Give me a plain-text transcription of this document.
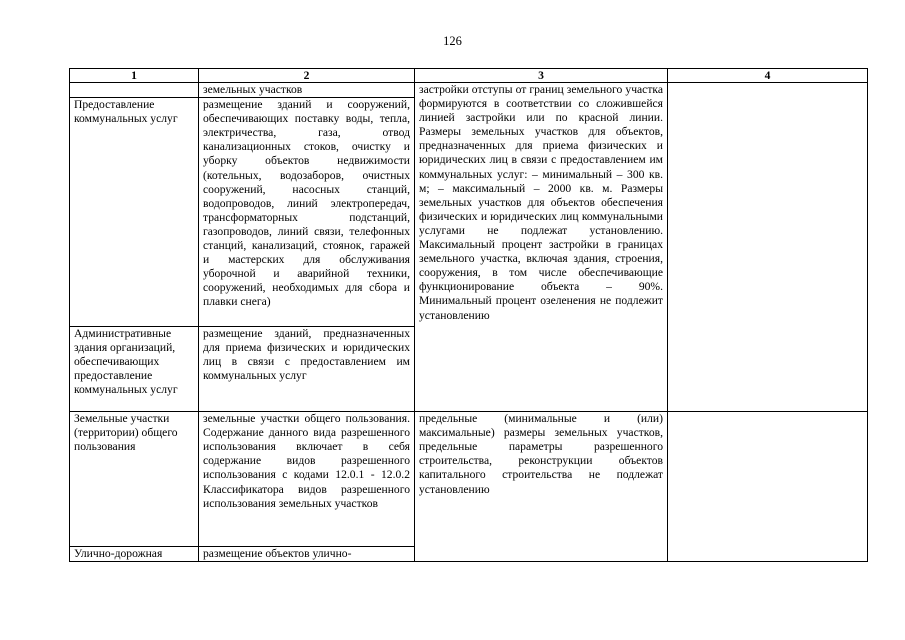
126
1	2	3	4
	земельных участков	застройки отступы от границ земельного участка формируются в соответствии со сложившейся линией застройки или по красной линии. Размеры земельных участков для объектов, предназначенных для приема физических и юридических лиц в связи с предоставлением им коммунальных услуг: – минимальный – 300 кв. м; – максимальный – 2000 кв. м. Размеры земельных участков для объектов обеспечения физических и юридических лиц коммунальными услугами не подлежат установлению. Максимальный процент застройки в границах земельного участка, включая здания, строения, сооружения, в том числе обеспечивающие функционирование объекта – 90%. Минимальный процент озеленения не подлежит установлению	

Предоставление коммунальных услуг	размещение зданий и сооружений, обеспечивающих поставку воды, тепла, электричества, газа, отвод канализационных стоков, очистку и уборку объектов недвижимости (котельных, водозаборов, очистных сооружений, насосных станций, водопроводов, линий электропередач, трансформаторных подстанций, газопроводов, линий связи, телефонных станций, канализаций, стоянок, гаражей и мастерских для обслуживания уборочной и аварийной техники, сооружений, необходимых для сбора и плавки снега)		
Административные здания организаций, обеспечивающих предоставление коммунальных услуг	размещение зданий, предназначенных для приема физических и юридических лиц в связи с предоставлением им коммунальных услуг		
Земельные участки (территории) общего пользования	земельные участки общего пользования. Содержание данного вида разрешенного использования включает в себя содержание видов разрешенного использования с кодами 12.0.1 - 12.0.2 Классификатора видов разрешенного использования земельных участков	предельные (минимальные и (или) максимальные) размеры земельных участков, предельные параметры разрешенного строительства, реконструкции объектов капитального строительства не подлежат установлению	
Улично-дорожная	размещение объектов улично-		
